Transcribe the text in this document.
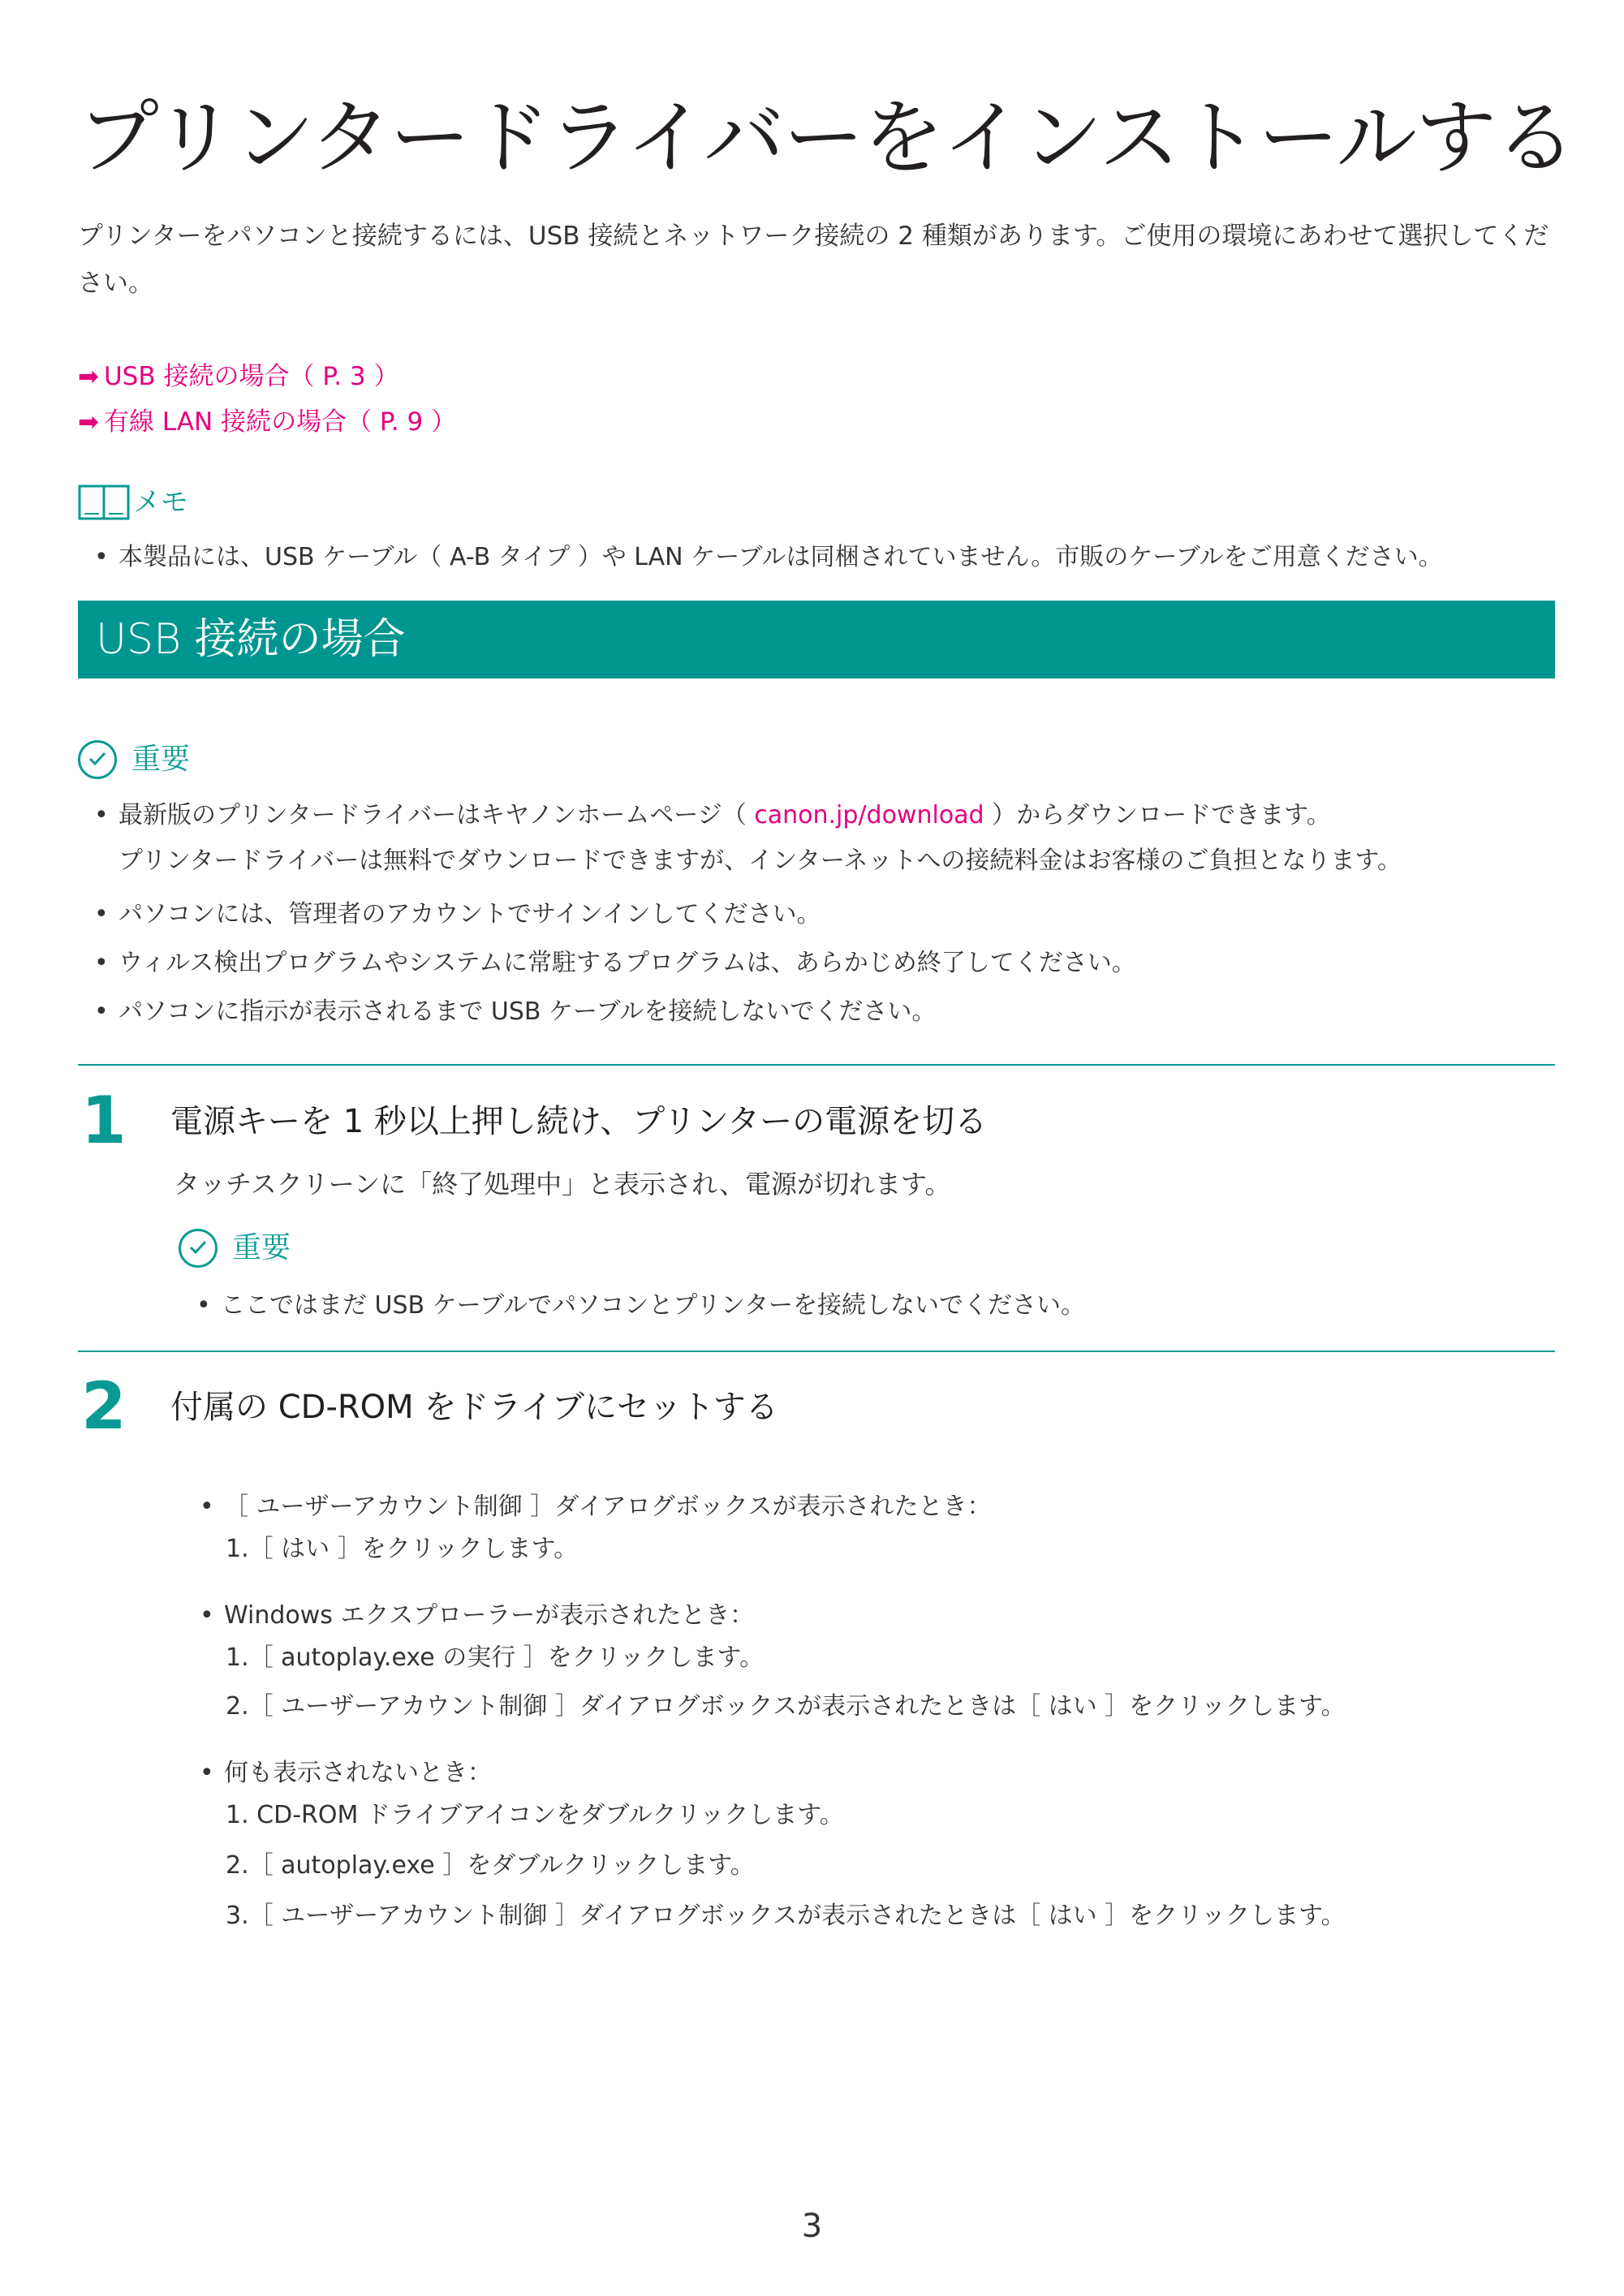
プリンタードライバーをインストールする
プリンターをパソコンと接続するには、USB 接続とネットワーク接続の 2 種類があります。ご使用の環境にあわせて選択してください。
➡ USB 接続の場合（ P. 3 ）
➡ 有線 LAN 接続の場合（ P. 9 ）
メモ
• 本製品には、USB ケーブル（ A-B タイプ ）や LAN ケーブルは同梱されていません。市販のケーブルをご用意ください。
USB 接続の場合
重要
• 最新版のプリンタードライバーはキヤノンホームページ（ canon.jp/download ）からダウンロードできます。
プリンタードライバーは無料でダウンロードできますが、インターネットへの接続料金はお客様のご負担となります。
• パソコンには、管理者のアカウントでサインインしてください。
• ウィルス検出プログラムやシステムに常駐するプログラムは、あらかじめ終了してください。
• パソコンに指示が表示されるまで USB ケーブルを接続しないでください。
1 電源キーを 1 秒以上押し続け、プリンターの電源を切る
タッチスクリーンに「終了処理中」と表示され、電源が切れます。
重要
• ここではまだ USB ケーブルでパソコンとプリンターを接続しないでください。
2 付属の CD-ROM をドライブにセットする
• ［ ユーザーアカウント制御 ］ダイアログボックスが表示されたとき：
1.［ はい ］をクリックします。
• Windows エクスプローラーが表示されたとき：
1.［ autoplay.exe の実行 ］をクリックします。
2.［ ユーザーアカウント制御 ］ダイアログボックスが表示されたときは［ はい ］をクリックします。
• 何も表示されないとき：
1. CD-ROM ドライブアイコンをダブルクリックします。
2.［ autoplay.exe ］をダブルクリックします。
3.［ ユーザーアカウント制御 ］ダイアログボックスが表示されたときは［ はい ］をクリックします。
3
